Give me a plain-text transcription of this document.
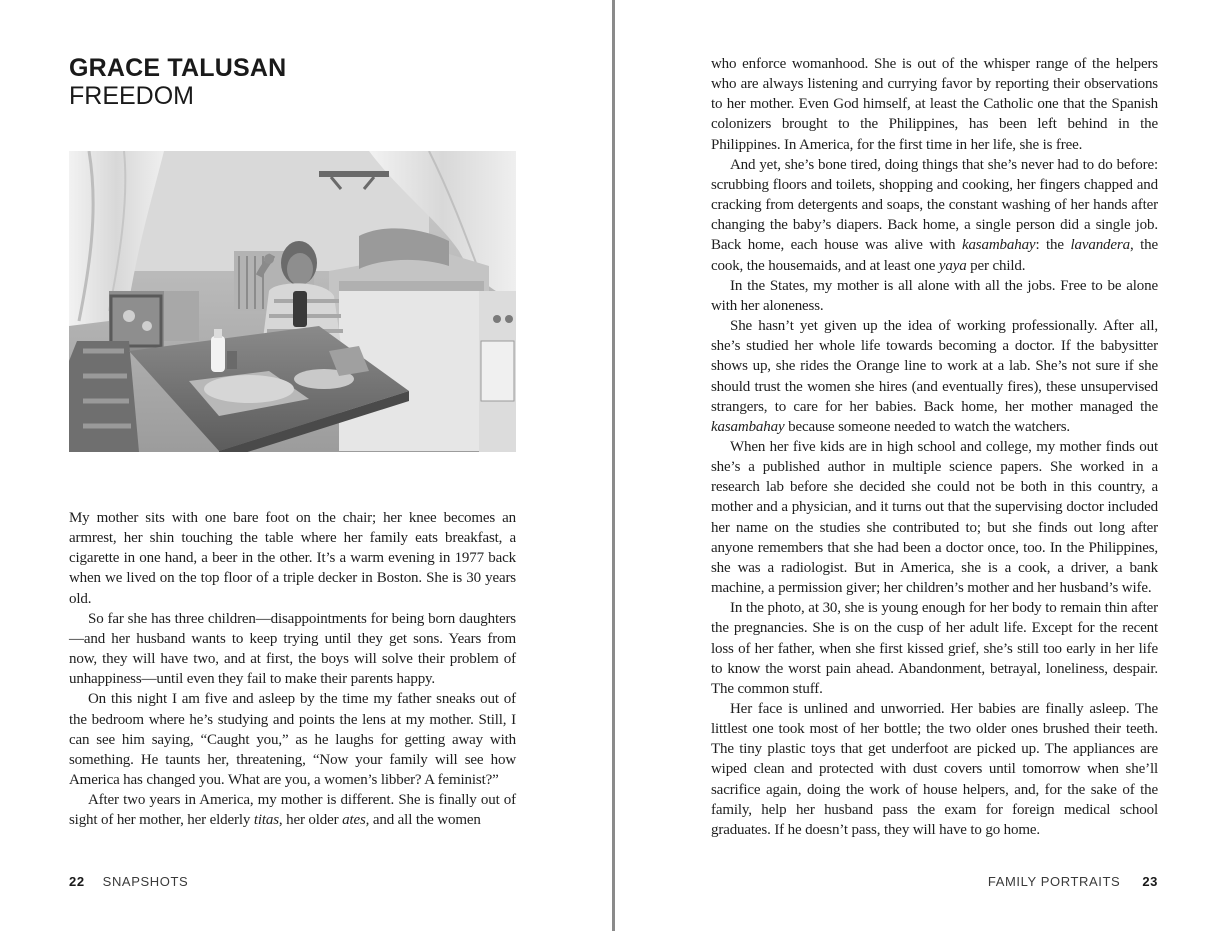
GRACE TALUSAN
FREEDOM

My mother sits with one bare foot on the chair; her knee becomes an armrest, her shin touching the table where her family eats breakfast, a cigarette in one hand, a beer in the other. It’s a warm evening in 1977 back when we lived on the top floor of a triple decker in Boston. She is 30 years old.

So far she has three children—disappointments for being born daughters—and her husband wants to keep trying until they get sons. Years from now, they will have two, and at first, the boys will solve their problem of unhappiness—until even they fail to make their parents happy.

On this night I am five and asleep by the time my father sneaks out of the bedroom where he’s studying and points the lens at my mother. Still, I can see him saying, “Caught you,” as he laughs for getting away with something. He taunts her, threatening, “Now your family will see how America has changed you. What are you, a women’s libber? A feminist?”

After two years in America, my mother is different. She is finally out of sight of her mother, her elderly titas, her older ates, and all the women

22 SNAPSHOTS

who enforce womanhood. She is out of the whisper range of the helpers who are always listening and currying favor by reporting their observations to her mother. Even God himself, at least the Catholic one that the Spanish colonizers brought to the Philippines, has been left behind in the Philippines. In America, for the first time in her life, she is free.

And yet, she’s bone tired, doing things that she’s never had to do before: scrubbing floors and toilets, shopping and cooking, her fingers chapped and cracking from detergents and soaps, the constant washing of her hands after changing the baby’s diapers. Back home, a single person did a single job. Back home, each house was alive with kasambahay: the lavandera, the cook, the housemaids, and at least one yaya per child.

In the States, my mother is all alone with all the jobs. Free to be alone with her aloneness.

She hasn’t yet given up the idea of working professionally. After all, she’s studied her whole life towards becoming a doctor. If the babysitter shows up, she rides the Orange line to work at a lab. She’s not sure if she should trust the women she hires (and eventually fires), these unsupervised strangers, to care for her babies. Back home, her mother managed the kasambahay because someone needed to watch the watchers.

When her five kids are in high school and college, my mother finds out she’s a published author in multiple science papers. She worked in a research lab before she decided she could not be both in this country, a mother and a physician, and it turns out that the supervising doctor included her name on the studies she contributed to; but she finds out long after anyone remembers that she had been a doctor once, too. In the Philippines, she was a radiologist. But in America, she is a cook, a driver, a bank machine, a permission giver; her children’s mother and her husband’s wife.

In the photo, at 30, she is young enough for her body to remain thin after the pregnancies. She is on the cusp of her adult life. Except for the recent loss of her father, when she first kissed grief, she’s still too early in her life to know the worst pain ahead. Abandonment, betrayal, loneliness, despair. The common stuff.

Her face is unlined and unworried. Her babies are finally asleep. The littlest one took most of her bottle; the two older ones brushed their teeth. The tiny plastic toys that get underfoot are picked up. The appliances are wiped clean and protected with dust covers until tomorrow when she’ll sacrifice again, doing the work of house helpers, and, for the sake of the family, help her husband pass the exam for foreign medical school graduates. If he doesn’t pass, they will have to go home.

FAMILY PORTRAITS 23
